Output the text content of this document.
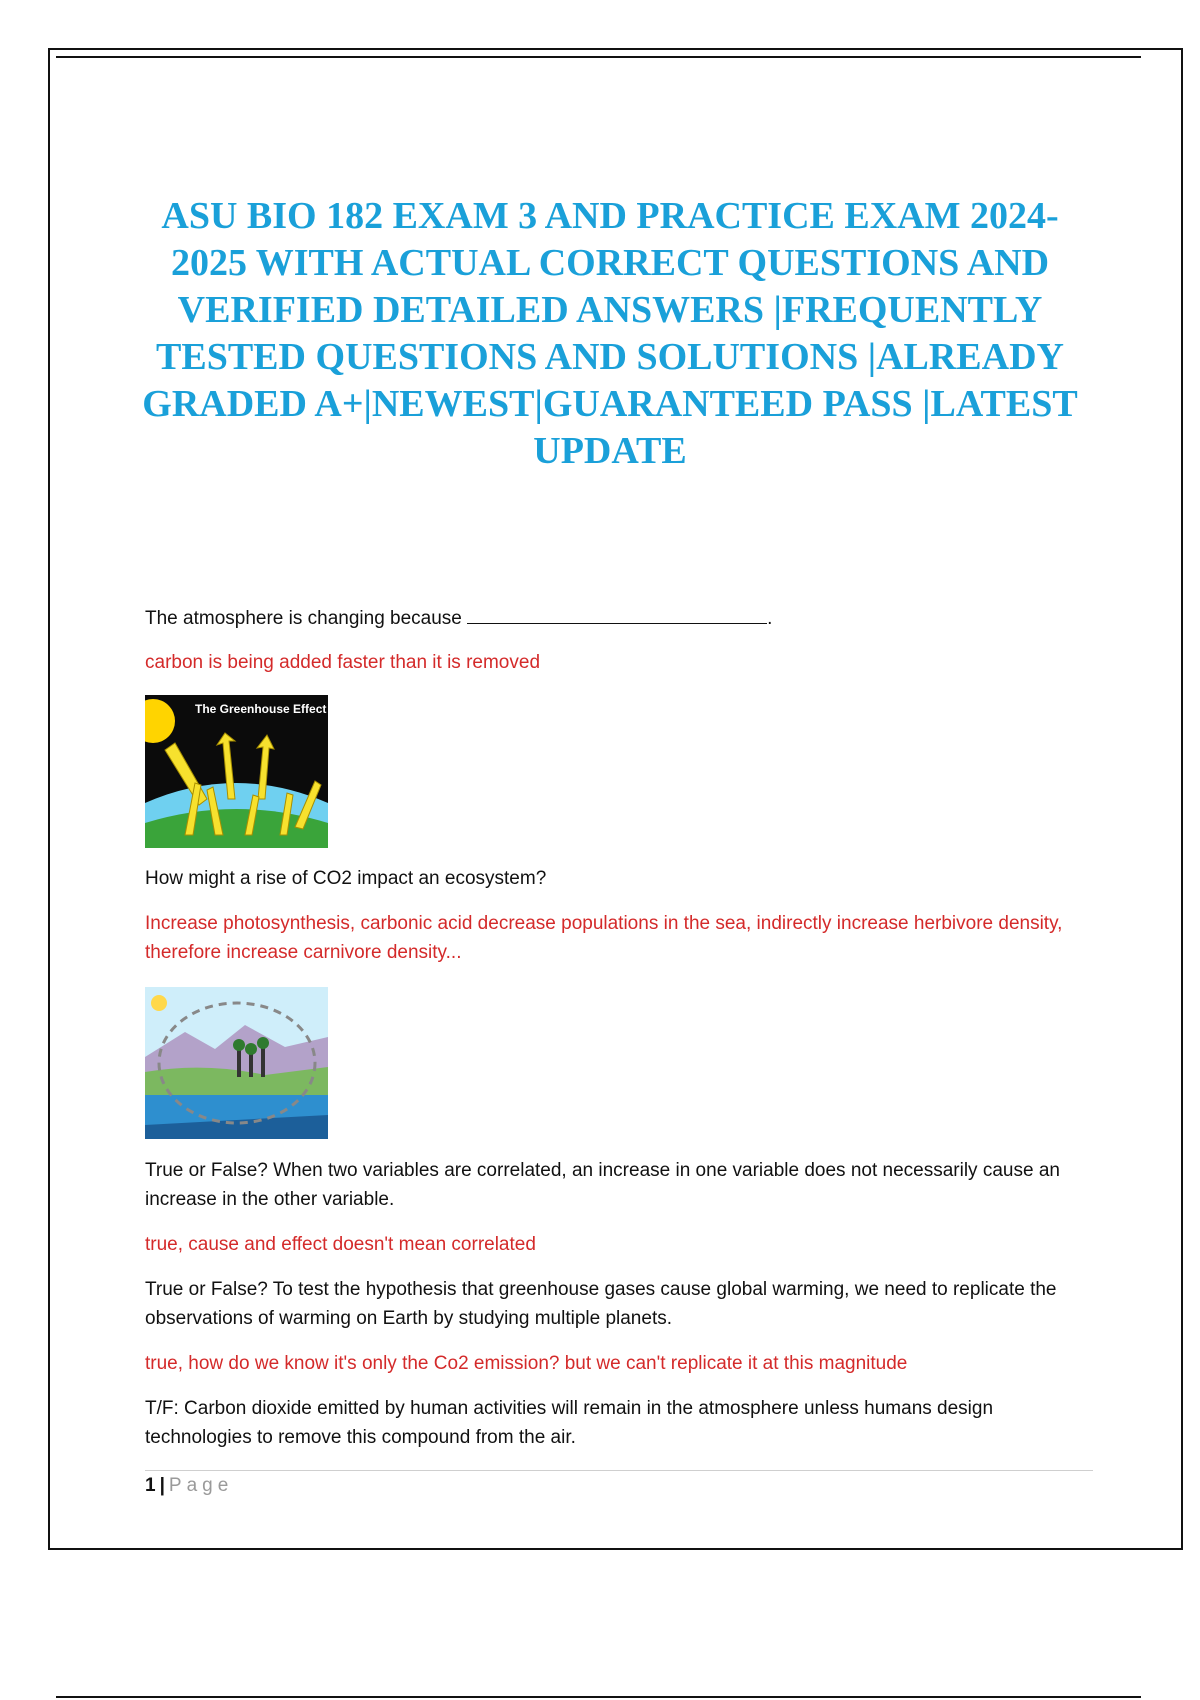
ASU BIO 182 EXAM 3 AND PRACTICE EXAM 2024-2025 WITH ACTUAL CORRECT QUESTIONS AND VERIFIED DETAILED ANSWERS |FREQUENTLY TESTED QUESTIONS AND SOLUTIONS |ALREADY GRADED A+|NEWEST|GUARANTEED PASS |LATEST UPDATE
The atmosphere is changing because	.
carbon is being added faster than it is removed
The Greenhouse Effect
How might a rise of CO2 impact an ecosystem?
Increase photosynthesis, carbonic acid decrease populations in the sea, indirectly increase herbivore density, therefore increase carnivore density...
True or False? When two variables are correlated, an increase in one variable does not necessarily cause an increase in the other variable.
true, cause and effect doesn't mean correlated
True or False? To test the hypothesis that greenhouse gases cause global warming, we need to replicate the observations of warming on Earth by studying multiple planets.
true, how do we know it's only the Co2 emission? but we can't replicate it at this magnitude
T/F: Carbon dioxide emitted by human activities will remain in the atmosphere unless humans design technologies to remove this compound from the air.
1 | Page
